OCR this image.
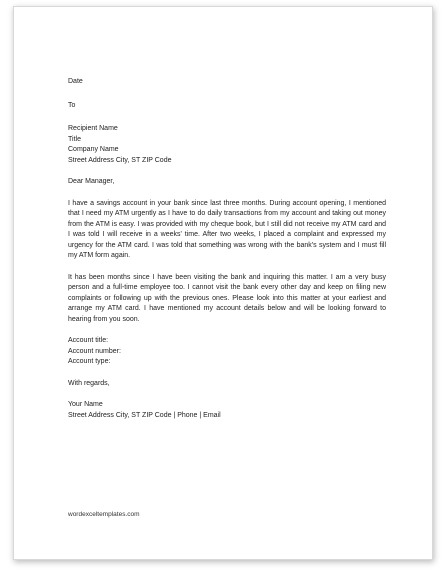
Date
To
Recipient Name
Title
Company Name
Street Address City, ST ZIP Code
Dear Manager,
I have a savings account in your bank since last three months. During account opening, I mentioned that I need my ATM urgently as I have to do daily transactions from my account and taking out money from the ATM is easy. I was provided with my cheque book, but I still did not receive my ATM card and I was told I will receive in a weeks' time. After two weeks, I placed a complaint and expressed my urgency for the ATM card. I was told that something was wrong with the bank's system and I must fill my ATM form again.
It has been months since I have been visiting the bank and inquiring this matter. I am a very busy person and a full-time employee too. I cannot visit the bank every other day and keep on filing new complaints or following up with the previous ones. Please look into this matter at your earliest and arrange my ATM card. I have mentioned my account details below and will be looking forward to hearing from you soon.
Account title:
Account number:
Account type:
With regards,
Your Name
Street Address City, ST ZIP Code | Phone | Email
wordexceltemplates.com
